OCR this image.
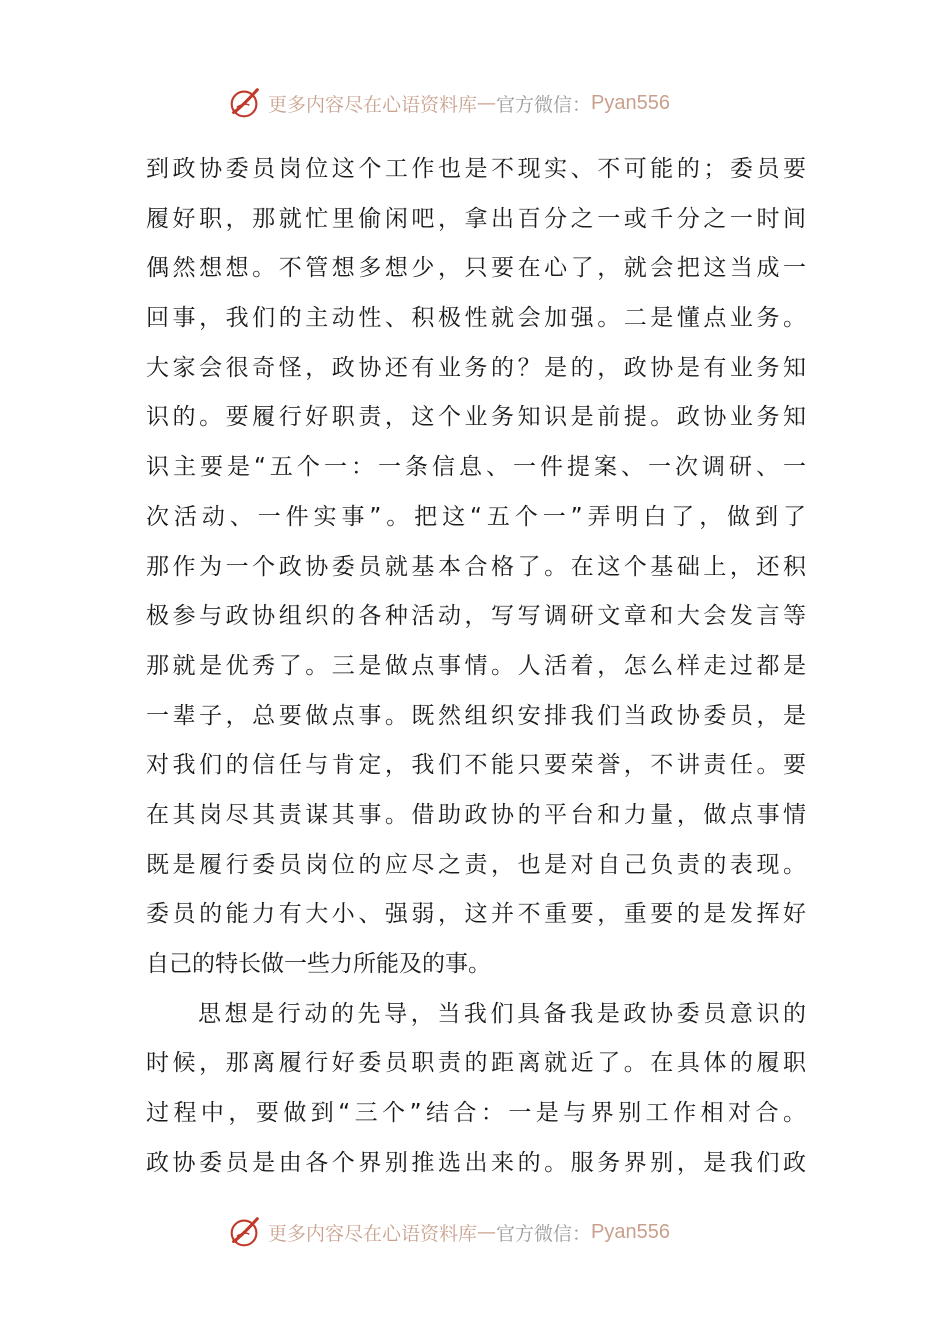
更多内容尽在心语资料库 — 官方微信： Pyan556
到政协委员岗位这个工作也是不现实、不可能的；委员要
履好职，那就忙里偷闲吧，拿出百分之一或千分之一时间
偶然想想。不管想多想少，只要在心了，就会把这当成一
回事，我们的主动性、积极性就会加强。二是懂点业务。
大家会很奇怪，政协还有业务的？是的，政协是有业务知
识的。要履行好职责，这个业务知识是前提。政协业务知
识主要是“五个一：一条信息、一件提案、一次调研、一
次活动、一件实事”。把这“五个一”弄明白了，做到了
那作为一个政协委员就基本合格了。在这个基础上，还积
极参与政协组织的各种活动，写写调研文章和大会发言等
那就是优秀了。三是做点事情。人活着，怎么样走过都是
一辈子，总要做点事。既然组织安排我们当政协委员，是
对我们的信任与肯定，我们不能只要荣誉，不讲责任。要
在其岗尽其责谋其事。借助政协的平台和力量，做点事情
既是履行委员岗位的应尽之责，也是对自己负责的表现。
委员的能力有大小、强弱，这并不重要，重要的是发挥好
自己的特长做一些力所能及的事。
思想是行动的先导，当我们具备我是政协委员意识的
时候，那离履行好委员职责的距离就近了。在具体的履职
过程中，要做到“三个”结合：一是与界别工作相对合。
政协委员是由各个界别推选出来的。服务界别，是我们政
更多内容尽在心语资料库 — 官方微信： Pyan556
